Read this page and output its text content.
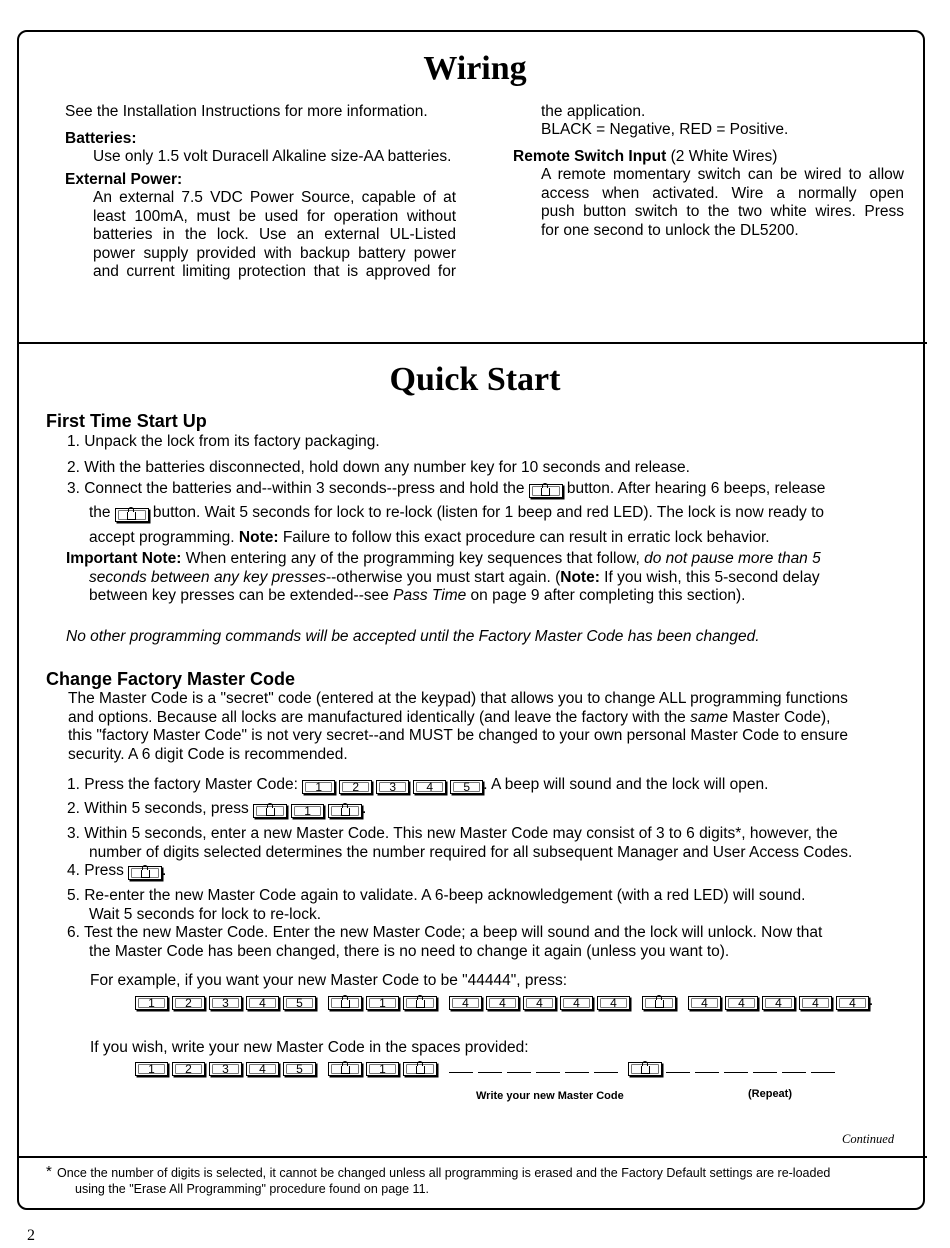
Wiring
See the Installation Instructions for more information.
Batteries:
Use only 1.5 volt Duracell Alkaline size-AA batteries.
External Power:
An external 7.5 VDC Power Source, capable of at
least 100mA, must be used for operation without
batteries in the lock. Use an external UL-Listed
power supply provided with backup battery power
and current limiting protection that is approved for
the application.
BLACK = Negative, RED = Positive.
Remote Switch Input (2 White Wires)
A remote momentary switch can be wired to allow
access when activated. Wire a normally open
push button switch to the two white wires. Press
for one second to unlock the DL5200.
Quick Start
First Time Start Up
1. Unpack the lock from its factory packaging.
2. With the batteries disconnected, hold down any number key for 10 seconds and release.
3. Connect the batteries and--within 3 seconds--press and hold the	button. After hearing 6 beeps, release
the	button. Wait 5 seconds for lock to re-lock (listen for 1 beep and red LED). The lock is now ready to
accept programming. Note: Failure to follow this exact procedure can result in erratic lock behavior.
Important Note: When entering any of the programming key sequences that follow, do not pause more than 5
seconds between any key presses--otherwise you must start again. (Note: If you wish, this 5-second delay
between key presses can be extended--see Pass Time on page 9 after completing this section).
No other programming commands will be accepted until the Factory Master Code has been changed.
Change Factory Master Code
The Master Code is a "secret" code (entered at the keypad) that allows you to change ALL programming functions
and options. Because all locks are manufactured identically (and leave the factory with the same Master Code),
this "factory Master Code" is not very secret--and MUST be changed to your own personal Master Code to ensure
security. A 6 digit Code is recommended.
1. Press the factory Master Code: 1	2	3	4	5 . A beep will sound and the lock will open.
2. Within 5 seconds, press	1	.
3. Within 5 seconds, enter a new Master Code. This new Master Code may consist of 3 to 6 digits*, however, the
number of digits selected determines the number required for all subsequent Manager and User Access Codes.
4. Press .
5. Re-enter the new Master Code again to validate. A 6-beep acknowledgement (with a red LED) will sound.
Wait 5 seconds for lock to re-lock.
6. Test the new Master Code. Enter the new Master Code; a beep will sound and the lock will unlock. Now that
the Master Code has been changed, there is no need to change it again (unless you want to).
For example, if you want your new Master Code to be "44444", press:
1	2	3	4	5	1	4	4	4	4	4	4	4	4	4	4 .
If you wish, write your new Master Code in the spaces provided:
1	2	3	4	5	1
Write your new Master Code	(Repeat)
Continued
* Once the number of digits is selected, it cannot be changed unless all programming is erased and the Factory Default settings are re-loaded
using the "Erase All Programming" procedure found on page 11.
2
